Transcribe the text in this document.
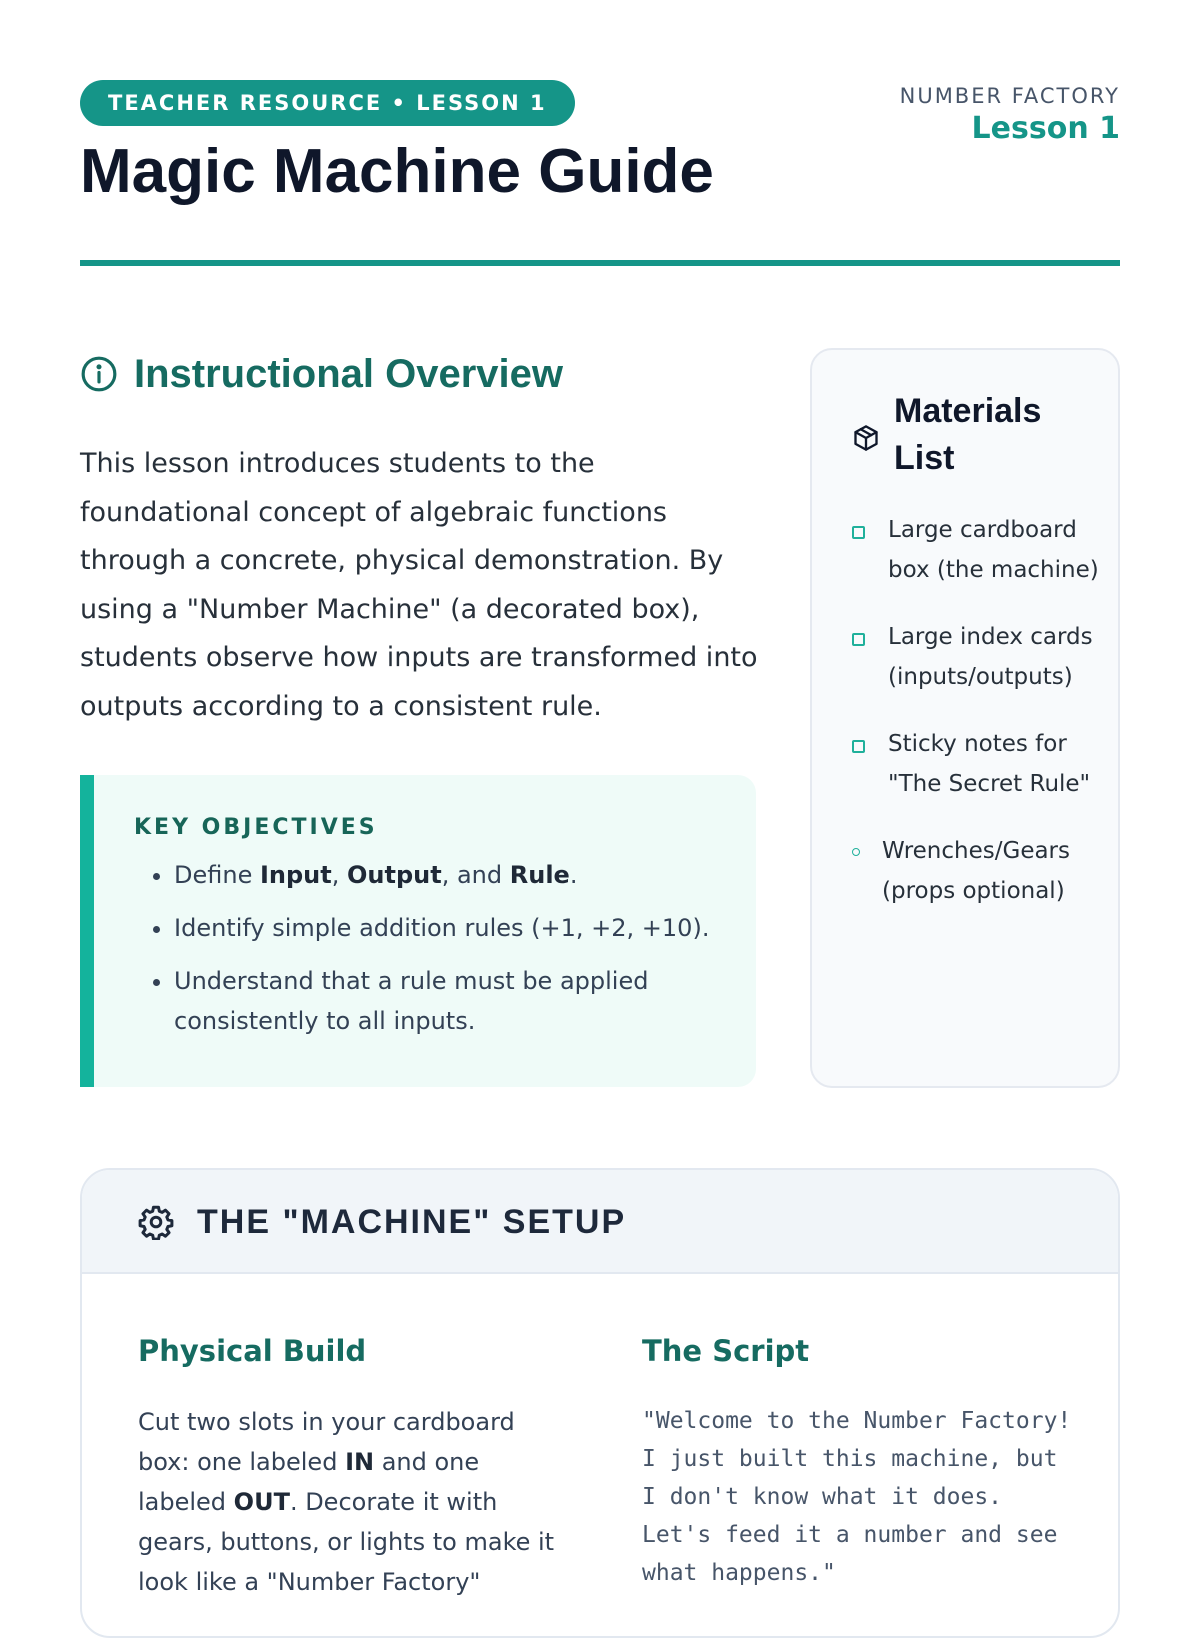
TEACHER RESOURCE • LESSON 1
Magic Machine Guide
NUMBER FACTORY
Lesson 1
Instructional Overview

This lesson introduces students to the foundational concept of algebraic functions through a concrete, physical demonstration. By using a "Number Machine" (a decorated box), students observe how inputs are transformed into outputs according to a consistent rule.

KEY OBJECTIVES
• Define Input, Output, and Rule.
• Identify simple addition rules (+1, +2, +10).
• Understand that a rule must be applied consistently to all inputs.
Materials List
Large cardboard box (the machine)
Large index cards (inputs/outputs)
Sticky notes for "The Secret Rule"
Wrenches/Gears (props optional)
THE "MACHINE" SETUP
Physical Build

Cut two slots in your cardboard box: one labeled IN and one labeled OUT. Decorate it with gears, buttons, or lights to make it look like a "Number Factory"

The Script

"Welcome to the Number Factory! I just built this machine, but I don't know what it does. Let's feed it a number and see what happens."
